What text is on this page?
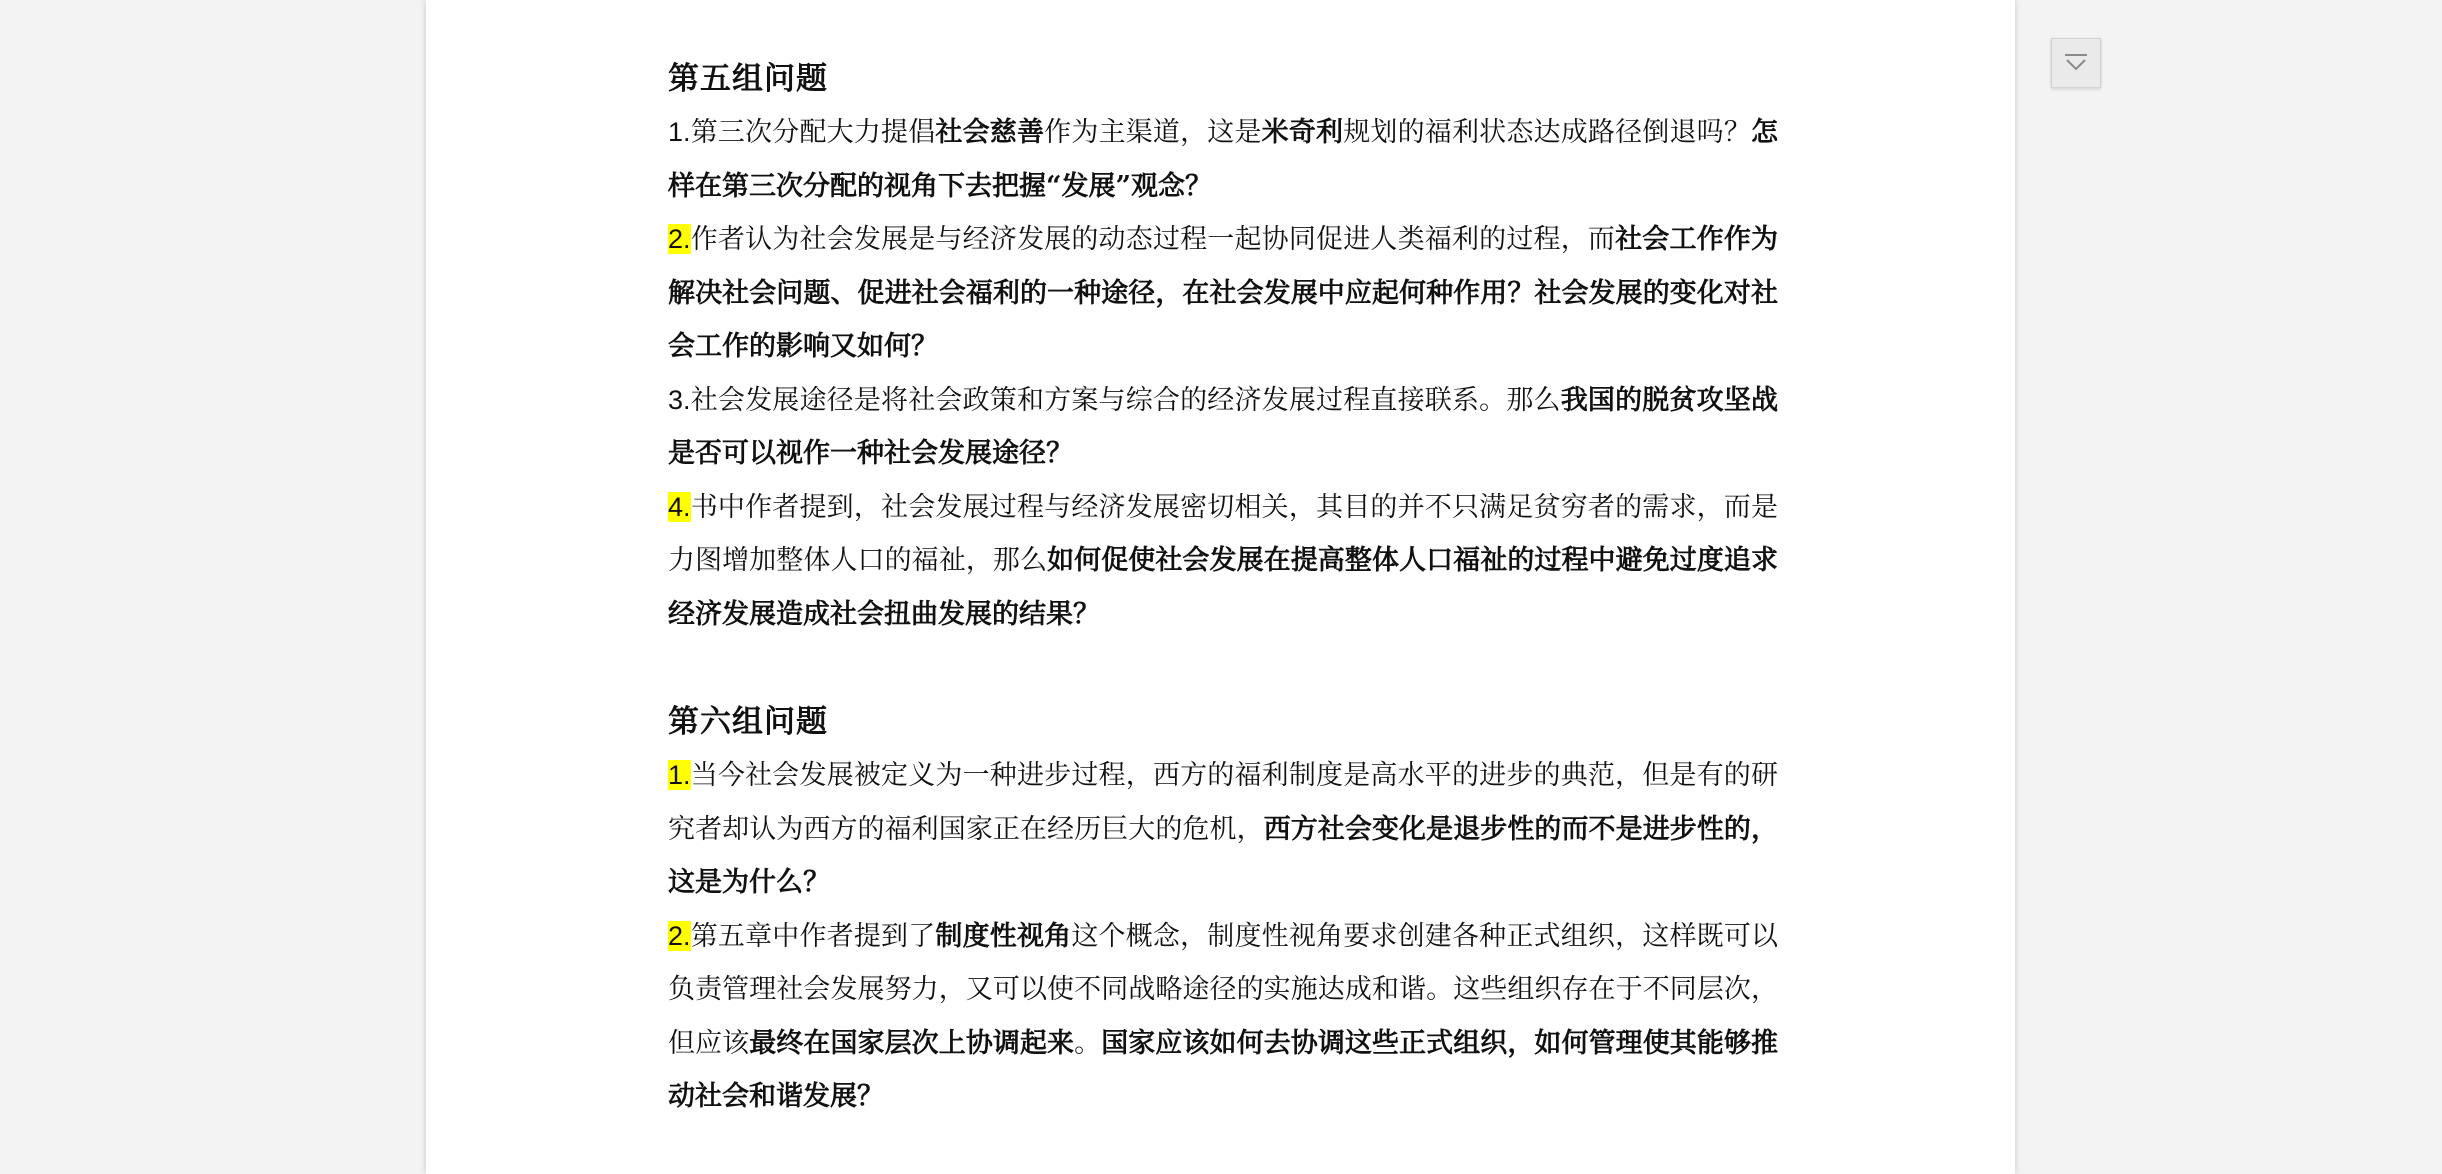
第五组问题
1.第三次分配大力提倡社会慈善作为主渠道，这是米奇利规划的福利状态达成路径倒退吗？怎样在第三次分配的视角下去把握“发展”观念？
2.作者认为社会发展是与经济发展的动态过程一起协同促进人类福利的过程，而社会工作作为解决社会问题、促进社会福利的一种途径，在社会发展中应起何种作用？社会发展的变化对社会工作的影响又如何？
3.社会发展途径是将社会政策和方案与综合的经济发展过程直接联系。那么我国的脱贫攻坚战是否可以视作一种社会发展途径？
4.书中作者提到，社会发展过程与经济发展密切相关，其目的并不只满足贫穷者的需求，而是力图增加整体人口的福祉，那么如何促使社会发展在提高整体人口福祉的过程中避免过度追求经济发展造成社会扭曲发展的结果？
第六组问题
1.当今社会发展被定义为一种进步过程，西方的福利制度是高水平的进步的典范，但是有的研究者却认为西方的福利国家正在经历巨大的危机，西方社会变化是退步性的而不是进步性的，这是为什么？
2.第五章中作者提到了制度性视角这个概念，制度性视角要求创建各种正式组织，这样既可以负责管理社会发展努力，又可以使不同战略途径的实施达成和谐。这些组织存在于不同层次，但应该最终在国家层次上协调起来。国家应该如何去协调这些正式组织，如何管理使其能够推动社会和谐发展？
